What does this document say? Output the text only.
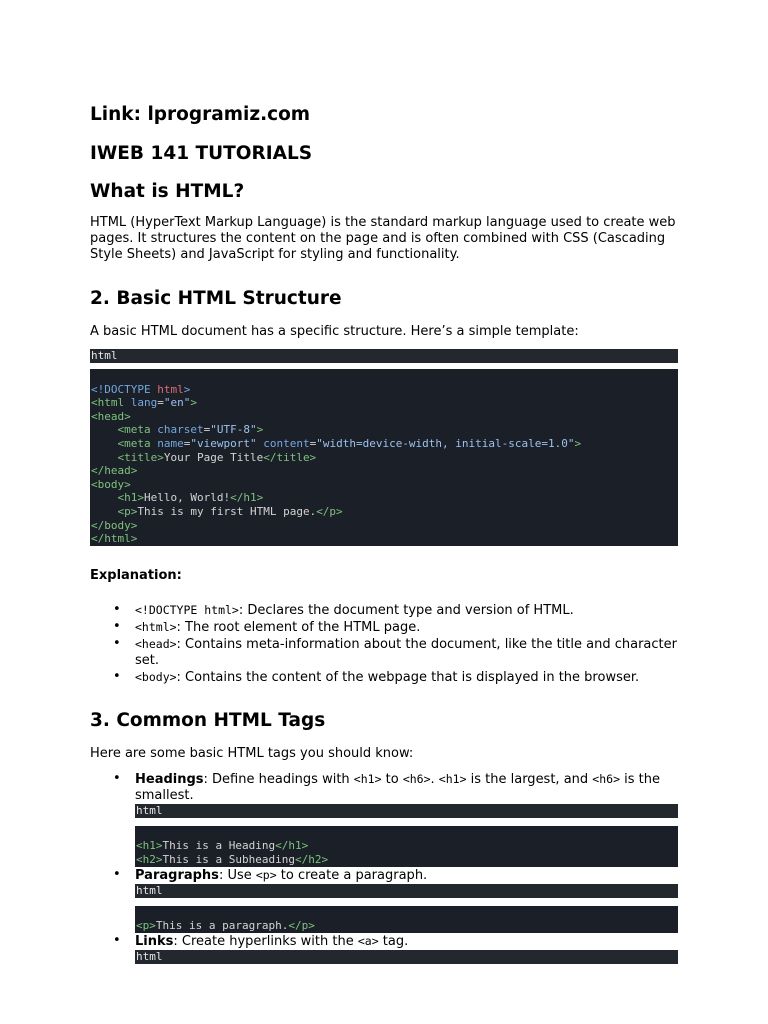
Link: lprogramiz.com
IWEB 141 TUTORIALS
What is HTML?

HTML (HyperText Markup Language) is the standard markup language used to create web pages. It structures the content on the page and is often combined with CSS (Cascading Style Sheets) and JavaScript for styling and functionality.

2. Basic HTML Structure

A basic HTML document has a specific structure. Here’s a simple template:

html

<!DOCTYPE html>
<html lang="en">
<head>
<meta charset="UTF-8">
<meta name="viewport" content="width=device-width, initial-scale=1.0">
<title>Your Page Title</title>
</head>
<body>
<h1>Hello, World!</h1>
<p>This is my first HTML page.</p>
</body>
</html>

Explanation:

• <!DOCTYPE html>: Declares the document type and version of HTML.
• <html>: The root element of the HTML page.
• <head>: Contains meta-information about the document, like the title and character set.
• <body>: Contains the content of the webpage that is displayed in the browser.
3. Common HTML Tags

Here are some basic HTML tags you should know:

• Headings: Define headings with <h1> to <h6>. <h1> is the largest, and <h6> is the smallest.
html

<h1>This is a Heading</h1>
<h2>This is a Subheading</h2>
• Paragraphs: Use <p> to create a paragraph.
html

<p>This is a paragraph.</p>
• Links: Create hyperlinks with the <a> tag.
html
